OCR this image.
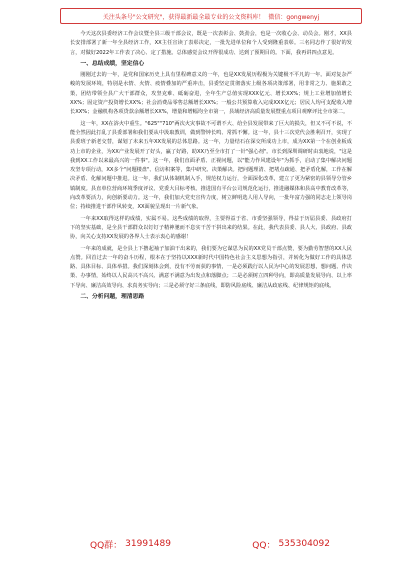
关注头条号"公文研究"，获得最新最全最专业的公文资料库！ 微信：gongwenyj

今天这次县委经济工作会议暨全县三级干部会议，既是一次表彰会、鼓劲会，也是一次收心会、动员会。刚才，XX县长安排部署了新一年全县经济工作，XX主任宣读了表彰决定，一批先进单位和个人受到隆重表彰。三名同志作了很好的发言，对做好2022年工作表了决心、定了措施。总体感觉会议开得很成功、达到了预期目的。下面，我再讲四点意见。

一、总结成绩，坚定信心

刚刚过去的一年，是党和国家历史上具有里程碑意义的一年，也是XX发展历程极为关键极不平凡的一年。面对复杂严峻的发展环境，特别是水情、火情、疫情叠加的严重冲击，县委坚定贯彻落实上级各项决策部署，用非常之力、施果敢之策，团结带领全县广大干部群众，攻坚克难、砥砺奋进，全年生产总值实现XXX亿元、增长XX%；规上工业增加值增长XX%；固定资产投资增长XX%；社会消费品零售总额增长XX%；一般公共预算收入完成XXX亿元；居民人均可支配收入增长XX%；金融机构各项贷款余额增长XX%，增量和增幅均全市第一，县域经济高质量发展暨重点项目观摩评比全市第二。

这一年，XX在浴火中重生。"625""710"两次火灾事故不可谓不大、给全县发展带来了巨大的损失，但又不可不说，不能全然因此打乱了县委部署和我们要从中汲取教训，做到警钟长鸣、常抓不懈。这一年，县十三次党代会胜利召开，实现了县委班子新老交替，谋划了未来五年XX发展的总体思路。这一年，力量结石在深交所成功上市，成为XX第一个在创业板成功上市的企业，为XX产业发展开了好头，赢了好路，助XX乃至全市打了一针"强心剂"。市长到深圳调研时由衷地说，"这是我到XX工作以来最高兴的一件事"。这一年，我们直面矛盾、正视问题，以"能力作风建设年"为抓手，启动了集中解决问题攻坚专项行动，XX多个"问题楼盘"、信访积案等，集中研究、决策解决。把问题理清、把堵点疏通、把矛盾化解，工作在解决矛盾、化解问题中推进。这一年，我们从体制机制入手，规范权力运行，全面深化改革，建立了更为紧密的县领导分管乡镇制度。县直单位营商环境季度评议、党委大目标考核。推进国有平台公司规范化运行，推进融媒体和县高中教育改革等，向改革要活力，向创新要动力。这一年，我们加大党史宣传力度，树立鲜明选人用人导向，一批年富力强的同志走上领导岗位；持续推进干部作风转变，XX面貌呈现出一片新气象。

一年来XX取得这样的成绩，实属不易。这些成绩的取得，主要得益于省、市委坚强领导，得益于历届县委、县政府打下的坚实基础，是全县干部群众以钉钉子精神驰而不息实干苦干拼出来的结果。在此，我代表县委、县人大、县政府、县政协，向关心支持XX发展的各界人士表示衷心的感谢！

一年来的成就，是全县上下撸起袖子加油干出来的，我们要为它谋思为民的XX党员干部点赞，要为勤劳智慧的XX人民点赞。回首过去一年的奋斗历程，根本在于坚持以XXX新时代中国特色社会主义思想为指引，并转化为做好工作的具体思路、具体目标、具体举措。我们深刻体会到，没有不劳而获的事情，一是必须践行以人民为中心的发展思想，想问题、作决策、办事情，始终以人民高兴不高兴、满意不满意为出发点和落脚点；二是必须树立四种导向，即高质量发展导向、以上率下导向、廉洁高效导向、求真务实导向；三是必须守好三条底线，即防风险底线、廉洁从政底线、纪律规矩的底线。

二、分析问题，理清思路

QQ群： 31991489	QQ： 535304092
